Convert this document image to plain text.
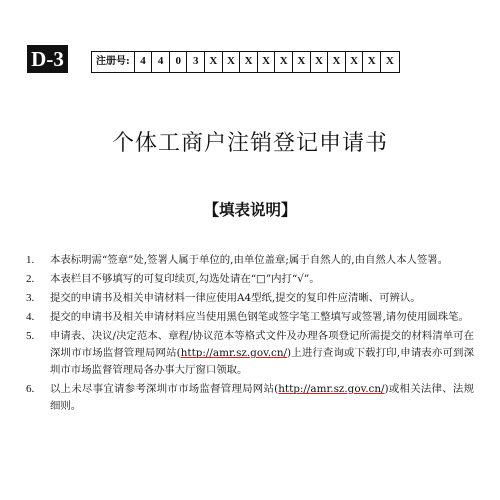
D-3	注册号: 4	4	0	3 X X X X X X X X X X X
个体工商户注销登记申请书
【填表说明】
1.	本表标明需“签章”处,签署人属于单位的,由单位盖章;属于自然人的,由自然人本人签署。
2.	本表栏目不够填写的可复印续页,勾选处请在“□”内打“√”。
3.	提交的申请书及相关申请材料一律应使用A4型纸,提交的复印件应清晰、可辨认。
4.	提交的申请书及相关申请材料应当使用黑色钢笔或签字笔工整填写或签署,请勿使用圆珠笔。
5.	申请表、决议/决定范本、章程/协议范本等格式文件及办理各项登记所需提交的材料清单可在深圳市市场监督管理局网站(http://amr.sz.gov.cn/)上进行查询或下载打印,申请表亦可到深圳市市场监督管理局各办事大厅窗口领取。
6.	以上未尽事宜请参考深圳市市场监督管理局网站(http://amr.sz.gov.cn/)或相关法律、法规细则。
